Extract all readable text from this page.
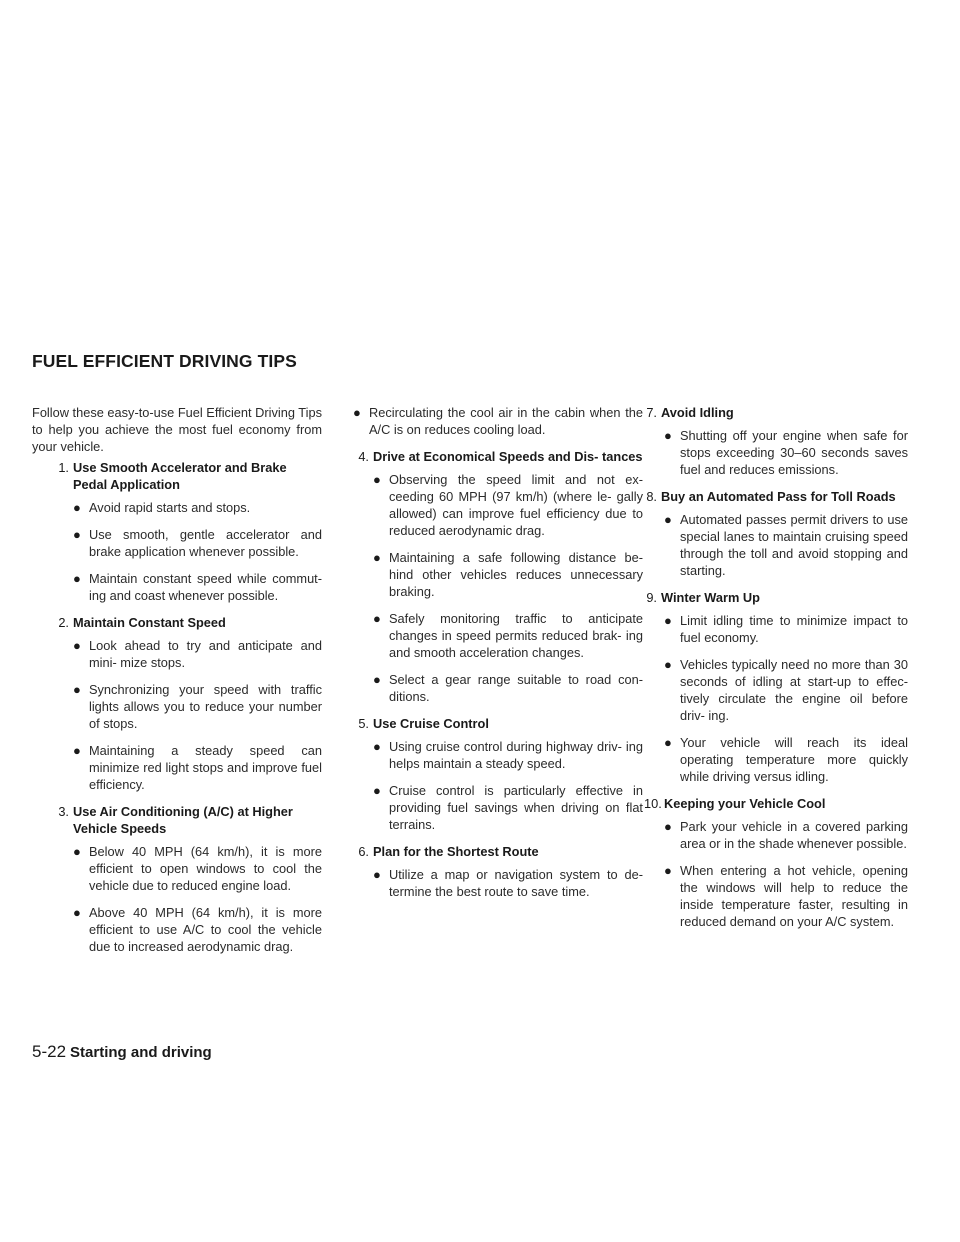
FUEL EFFICIENT DRIVING TIPS

Follow these easy-to-use Fuel Efficient Driving Tips to help you achieve the most fuel economy from your vehicle.

1. Use Smooth Accelerator and Brake Pedal Application
● Avoid rapid starts and stops.
● Use smooth, gentle accelerator and brake application whenever possible.
● Maintain constant speed while commut- ing and coast whenever possible.
2. Maintain Constant Speed
● Look ahead to try and anticipate and mini- mize stops.
● Synchronizing your speed with traffic lights allows you to reduce your number of stops.
● Maintaining a steady speed can minimize red light stops and improve fuel efficiency.
3. Use Air Conditioning (A/C) at Higher Vehicle Speeds
● Below 40 MPH (64 km/h), it is more efficient to open windows to cool the vehicle due to reduced engine load.
● Above 40 MPH (64 km/h), it is more efficient to use A/C to cool the vehicle due to increased aerodynamic drag.
● Recirculating the cool air in the cabin when the A/C is on reduces cooling load.
4. Drive at Economical Speeds and Dis- tances
● Observing the speed limit and not ex- ceeding 60 MPH (97 km/h) (where le- gally allowed) can improve fuel efficiency due to reduced aerodynamic drag.
● Maintaining a safe following distance be- hind other vehicles reduces unnecessary braking.
● Safely monitoring traffic to anticipate changes in speed permits reduced brak- ing and smooth acceleration changes.
● Select a gear range suitable to road con- ditions.
5. Use Cruise Control
● Using cruise control during highway driv- ing helps maintain a steady speed.
● Cruise control is particularly effective in providing fuel savings when driving on flat terrains.
6. Plan for the Shortest Route
● Utilize a map or navigation system to de- termine the best route to save time.
7. Avoid Idling
● Shutting off your engine when safe for stops exceeding 30–60 seconds saves fuel and reduces emissions.
8. Buy an Automated Pass for Toll Roads
● Automated passes permit drivers to use special lanes to maintain cruising speed through the toll and avoid stopping and starting.
9. Winter Warm Up
● Limit idling time to minimize impact to fuel economy.
● Vehicles typically need no more than 30 seconds of idling at start-up to effec- tively circulate the engine oil before driv- ing.
● Your vehicle will reach its ideal operating temperature more quickly while driving versus idling.
10. Keeping your Vehicle Cool
● Park your vehicle in a covered parking area or in the shade whenever possible.
● When entering a hot vehicle, opening the windows will help to reduce the inside temperature faster, resulting in reduced demand on your A/C system.

5-22 Starting and driving
